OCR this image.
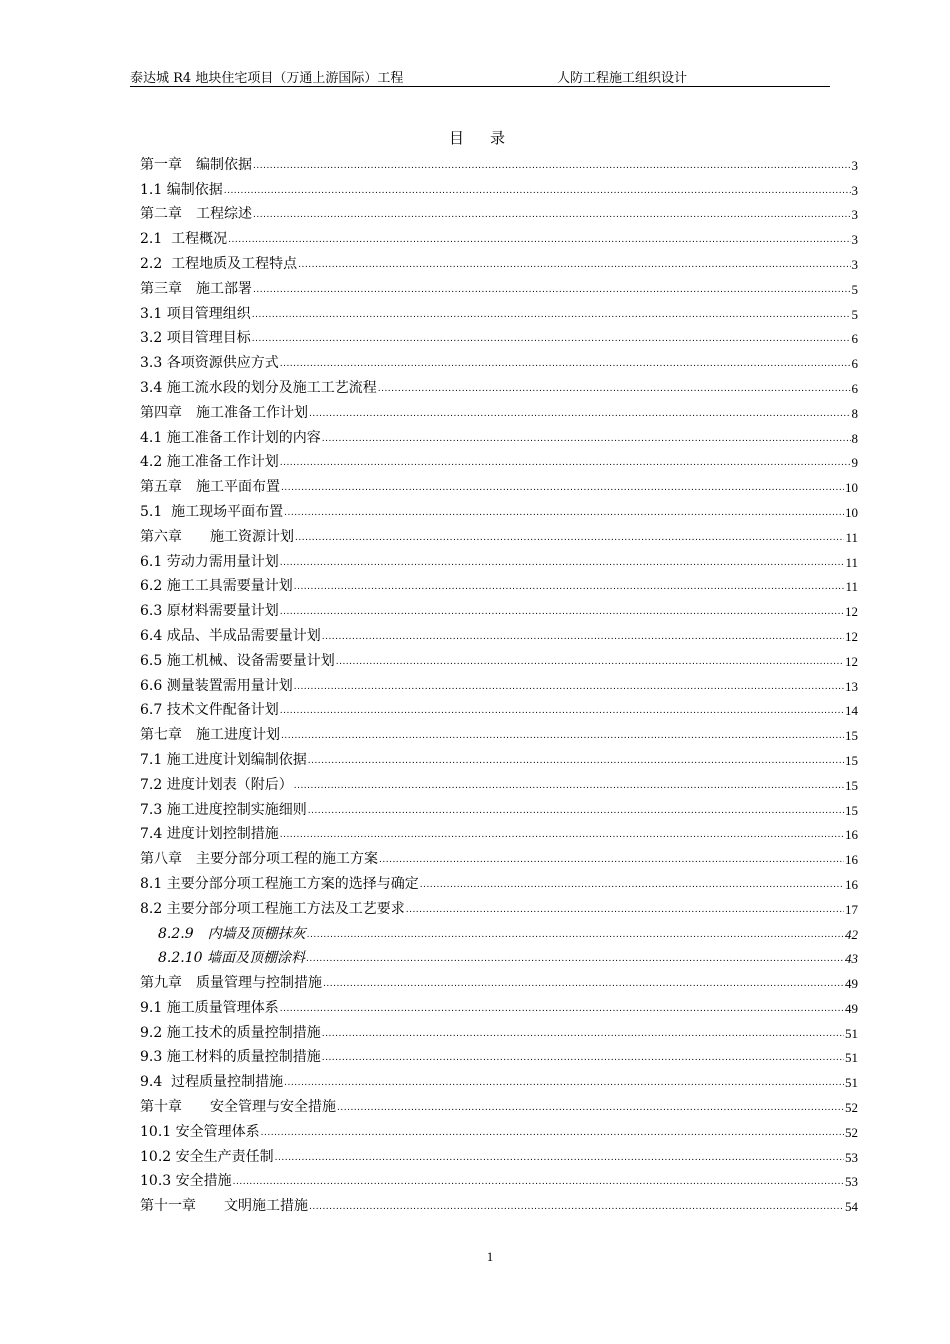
泰达城 R4 地块住宅项目（万通上游国际）工程	人防工程施工组织设计
目录
第一章　编制依据 .....	3
1.1 编制依据 .....	3
第二章　工程综述 .....	3
2.1  工程概况 .....	3
2.2  工程地质及工程特点 .....	3
第三章　施工部署 .....	5
3.1 项目管理组织 .....	5
3.2 项目管理目标 .....	6
3.3 各项资源供应方式 .....	6
3.4 施工流水段的划分及施工工艺流程 .....	6
第四章　施工准备工作计划 .....	8
4.1 施工准备工作计划的内容 .....	8
4.2 施工准备工作计划 .....	9
第五章　施工平面布置 .....	10
5.1  施工现场平面布置 .....	10
第六章　　施工资源计划 .....	11
6.1 劳动力需用量计划 .....	11
6.2 施工工具需要量计划 .....	11
6.3 原材料需要量计划 .....	12
6.4 成品、半成品需要量计划 .....	12
6.5 施工机械、设备需要量计划 .....	12
6.6 测量装置需用量计划 .....	13
6.7 技术文件配备计划 .....	14
第七章　施工进度计划 .....	15
7.1 施工进度计划编制依据 .....	15
7.2 进度计划表（附后） .....	15
7.3 施工进度控制实施细则 .....	15
7.4 进度计划控制措施 .....	16
第八章　主要分部分项工程的施工方案 .....	16
8.1 主要分部分项工程施工方案的选择与确定 .....	16
8.2 主要分部分项工程施工方法及工艺要求 .....	17
8.2.9　内墙及顶棚抹灰 .....	42
8.2.10 墙面及顶棚涂料 .....	43
第九章　质量管理与控制措施 .....	49
9.1 施工质量管理体系 .....	49
9.2 施工技术的质量控制措施 .....	51
9.3 施工材料的质量控制措施 .....	51
9.4  过程质量控制措施 .....	51
第十章　　安全管理与安全措施 .....	52
10.1 安全管理体系 .....	52
10.2 安全生产责任制 .....	53
10.3 安全措施 .....	53
第十一章　　文明施工措施 .....	54
1
